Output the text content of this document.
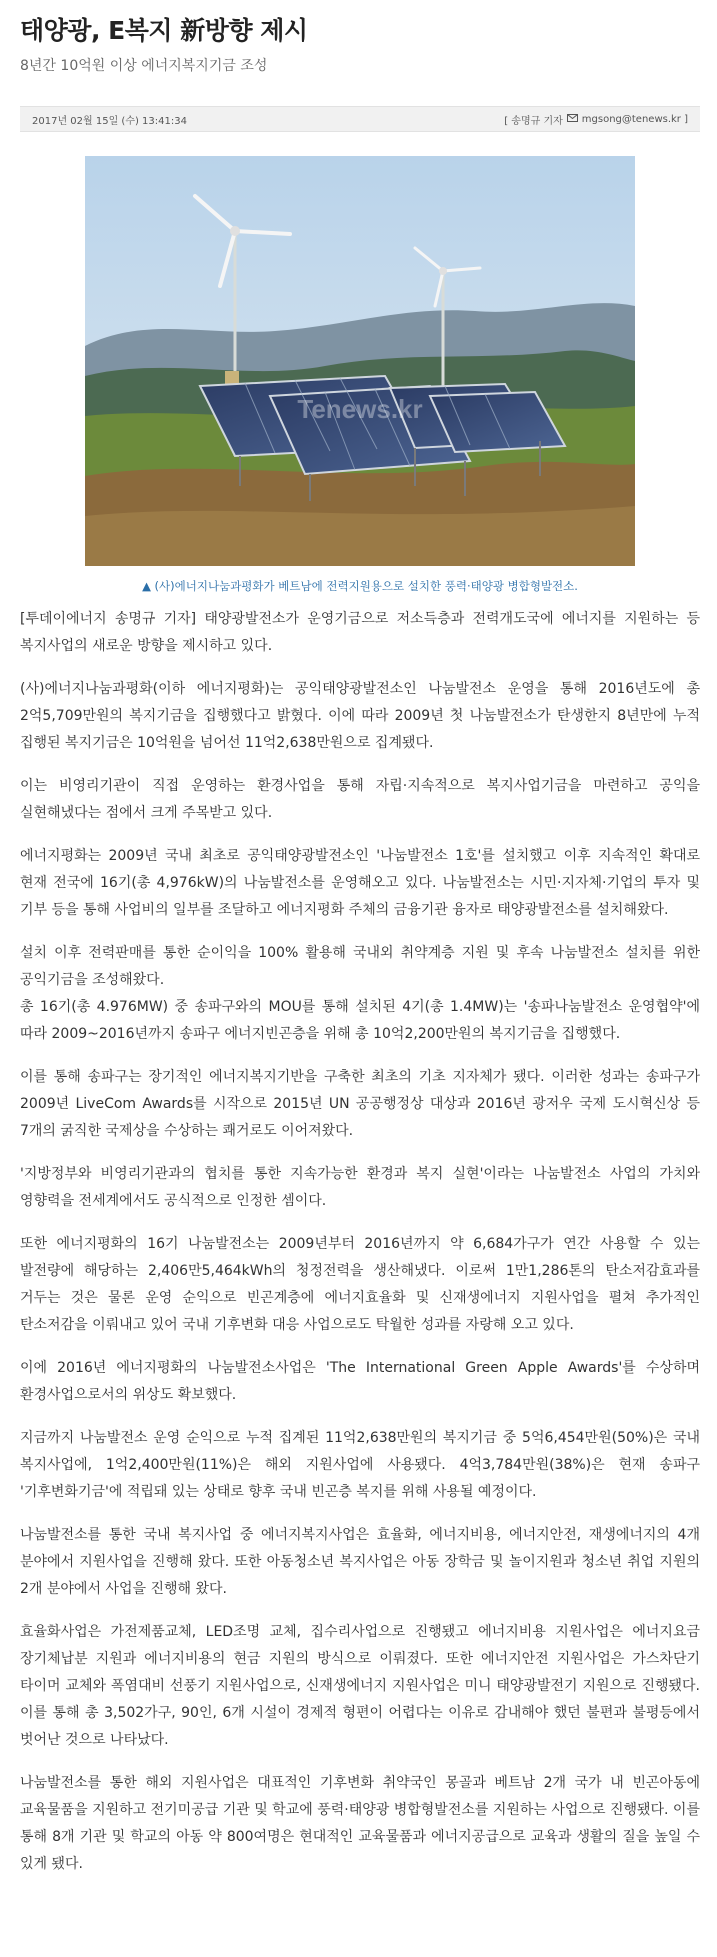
태양광, E복지 新방향 제시
8년간 10억원 이상 에너지복지기금 조성
2017년 02월 15일 (수) 13:41:34	[ 송명규 기자 mgsong@tenews.kr ]
Tenews.kr
▲ (사)에너지나눔과평화가 베트남에 전력지원용으로 설치한 풍력·태양광 병합형발전소.

[투데이에너지 송명규 기자] 태양광발전소가 운영기금으로 저소득층과 전력개도국에 에너지를 지원하는 등 복지사업의 새로운 방향을 제시하고 있다.

(사)에너지나눔과평화(이하 에너지평화)는 공익태양광발전소인 나눔발전소 운영을 통해 2016년도에 총 2억5,709만원의 복지기금을 집행했다고 밝혔다. 이에 따라 2009년 첫 나눔발전소가 탄생한지 8년만에 누적 집행된 복지기금은 10억원을 넘어선 11억2,638만원으로 집계됐다.

이는 비영리기관이 직접 운영하는 환경사업을 통해 자립·지속적으로 복지사업기금을 마련하고 공익을 실현해냈다는 점에서 크게 주목받고 있다.

에너지평화는 2009년 국내 최초로 공익태양광발전소인 '나눔발전소 1호'를 설치했고 이후 지속적인 확대로 현재 전국에 16기(총 4,976kW)의 나눔발전소를 운영해오고 있다. 나눔발전소는 시민·지자체·기업의 투자 및 기부 등을 통해 사업비의 일부를 조달하고 에너지평화 주체의 금융기관 융자로 태양광발전소를 설치해왔다.

설치 이후 전력판매를 통한 순이익을 100% 활용해 국내외 취약계층 지원 및 후속 나눔발전소 설치를 위한 공익기금을 조성해왔다.

총 16기(총 4.976MW) 중 송파구와의 MOU를 통해 설치된 4기(총 1.4MW)는 '송파나눔발전소 운영협약'에 따라 2009~2016년까지 송파구 에너지빈곤층을 위해 총 10억2,200만원의 복지기금을 집행했다.

이를 통해 송파구는 장기적인 에너지복지기반을 구축한 최초의 기초 지자체가 됐다. 이러한 성과는 송파구가 2009년 LiveCom Awards를 시작으로 2015년 UN 공공행정상 대상과 2016년 광저우 국제 도시혁신상 등 7개의 굵직한 국제상을 수상하는 쾌거로도 이어져왔다.

'지방정부와 비영리기관과의 협치를 통한 지속가능한 환경과 복지 실현'이라는 나눔발전소 사업의 가치와 영향력을 전세계에서도 공식적으로 인정한 셈이다.

또한 에너지평화의 16기 나눔발전소는 2009년부터 2016년까지 약 6,684가구가 연간 사용할 수 있는 발전량에 해당하는 2,406만5,464kWh의 청정전력을 생산해냈다. 이로써 1만1,286톤의 탄소저감효과를 거두는 것은 물론 운영 순익으로 빈곤계층에 에너지효율화 및 신재생에너지 지원사업을 펼쳐 추가적인 탄소저감을 이뤄내고 있어 국내 기후변화 대응 사업으로도 탁월한 성과를 자랑해 오고 있다.

이에 2016년 에너지평화의 나눔발전소사업은 'The International Green Apple Awards'를 수상하며 환경사업으로서의 위상도 확보했다.

지금까지 나눔발전소 운영 순익으로 누적 집계된 11억2,638만원의 복지기금 중 5억6,454만원(50%)은 국내 복지사업에, 1억2,400만원(11%)은 해외 지원사업에 사용됐다. 4억3,784만원(38%)은 현재 송파구 '기후변화기금'에 적립돼 있는 상태로 향후 국내 빈곤층 복지를 위해 사용될 예정이다.

나눔발전소를 통한 국내 복지사업 중 에너지복지사업은 효율화, 에너지비용, 에너지안전, 재생에너지의 4개 분야에서 지원사업을 진행해 왔다. 또한 아동청소년 복지사업은 아동 장학금 및 놀이지원과 청소년 취업 지원의 2개 분야에서 사업을 진행해 왔다.

효율화사업은 가전제품교체, LED조명 교체, 집수리사업으로 진행됐고 에너지비용 지원사업은 에너지요금 장기체납분 지원과 에너지비용의 현금 지원의 방식으로 이뤄졌다. 또한 에너지안전 지원사업은 가스차단기 타이머 교체와 폭염대비 선풍기 지원사업으로, 신재생에너지 지원사업은 미니 태양광발전기 지원으로 진행됐다. 이를 통해 총 3,502가구, 90인, 6개 시설이 경제적 형편이 어렵다는 이유로 감내해야 했던 불편과 불평등에서 벗어난 것으로 나타났다.

나눔발전소를 통한 해외 지원사업은 대표적인 기후변화 취약국인 몽골과 베트남 2개 국가 내 빈곤아동에 교육물품을 지원하고 전기미공급 기관 및 학교에 풍력·태양광 병합형발전소를 지원하는 사업으로 진행됐다. 이를 통해 8개 기관 및 학교의 아동 약 800여명은 현대적인 교육물품과 에너지공급으로 교육과 생활의 질을 높일 수 있게 됐다.
